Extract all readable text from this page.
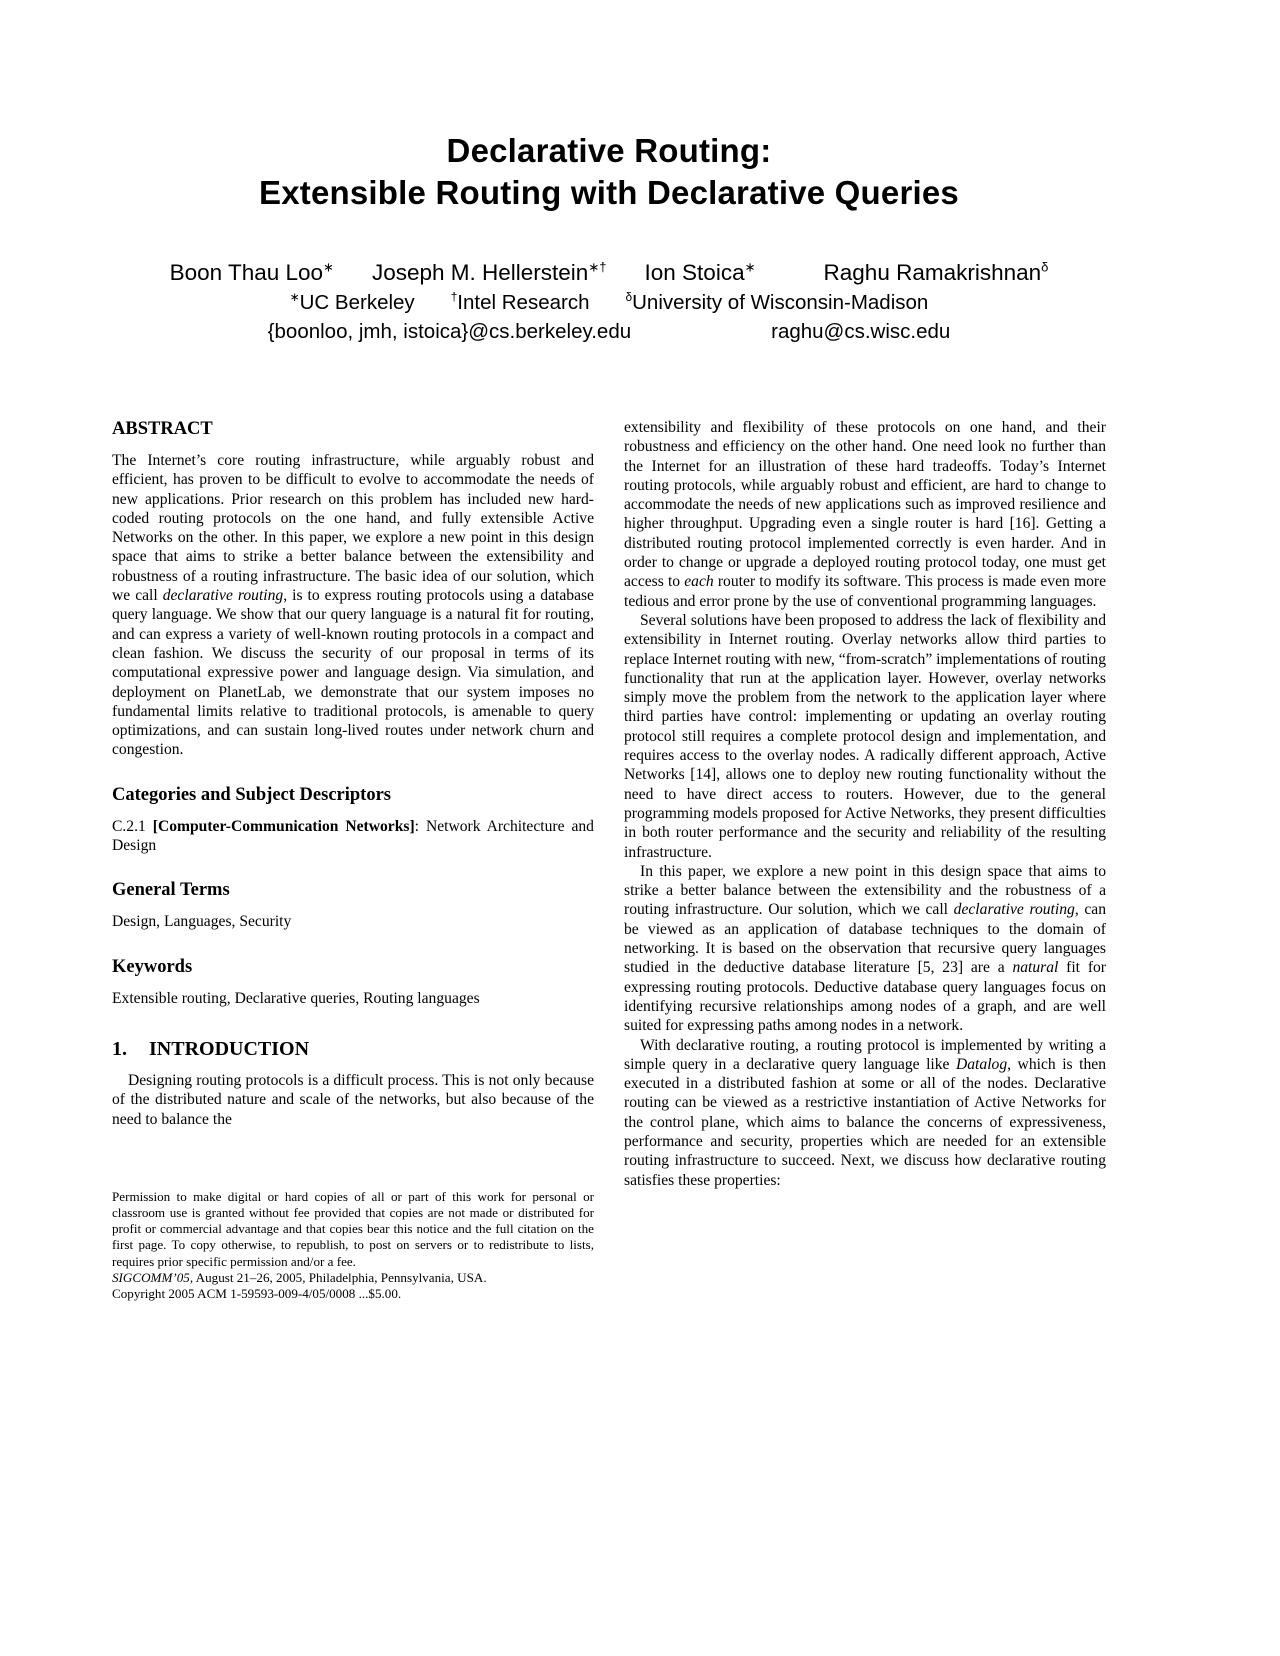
Declarative Routing:
Extensible Routing with Declarative Queries
Boon Thau Loo∗ Joseph M. Hellerstein∗† Ion Stoica∗	Raghu Ramakrishnan$^\delta$
∗UC Berkeley	†Intel Research	$^\delta$University of Wisconsin-Madison
{boonloo, jmh, istoica}@cs.berkeley.edu	raghu@cs.wisc.edu
ABSTRACT

The Internet’s core routing infrastructure, while arguably robust and efficient, has proven to be difficult to evolve to accommodate the needs of new applications. Prior research on this problem has included new hard-coded routing protocols on the one hand, and fully extensible Active Networks on the other. In this paper, we explore a new point in this design space that aims to strike a better balance between the extensibility and robustness of a routing infrastructure. The basic idea of our solution, which we call declarative routing, is to express routing protocols using a database query language. We show that our query language is a natural fit for routing, and can express a variety of well-known routing protocols in a compact and clean fashion. We discuss the security of our proposal in terms of its computational expressive power and language design. Via simulation, and deployment on PlanetLab, we demonstrate that our system imposes no fundamental limits relative to traditional protocols, is amenable to query optimizations, and can sustain long-lived routes under network churn and congestion.

Categories and Subject Descriptors

C.2.1 [Computer-Communication Networks]: Network Architecture and Design

General Terms

Design, Languages, Security

Keywords

Extensible routing, Declarative queries, Routing languages

1. INTRODUCTION

Designing routing protocols is a difficult process. This is not only because of the distributed nature and scale of the networks, but also because of the need to balance the

Permission to make digital or hard copies of all or part of this work for personal or classroom use is granted without fee provided that copies are not made or distributed for profit or commercial advantage and that copies bear this notice and the full citation on the first page. To copy otherwise, to republish, to post on servers or to redistribute to lists, requires prior specific permission and/or a fee.

SIGCOMM’05, August 21–26, 2005, Philadelphia, Pennsylvania, USA.

Copyright 2005 ACM 1-59593-009-4/05/0008 ...$5.00.

extensibility and flexibility of these protocols on one hand, and their robustness and efficiency on the other hand. One need look no further than the Internet for an illustration of these hard tradeoffs. Today’s Internet routing protocols, while arguably robust and efficient, are hard to change to accommodate the needs of new applications such as improved resilience and higher throughput. Upgrading even a single router is hard [16]. Getting a distributed routing protocol implemented correctly is even harder. And in order to change or upgrade a deployed routing protocol today, one must get access to each router to modify its software. This process is made even more tedious and error prone by the use of conventional programming languages.

Several solutions have been proposed to address the lack of flexibility and extensibility in Internet routing. Overlay networks allow third parties to replace Internet routing with new, “from-scratch” implementations of routing functionality that run at the application layer. However, overlay networks simply move the problem from the network to the application layer where third parties have control: implementing or updating an overlay routing protocol still requires a complete protocol design and implementation, and requires access to the overlay nodes. A radically different approach, Active Networks [14], allows one to deploy new routing functionality without the need to have direct access to routers. However, due to the general programming models proposed for Active Networks, they present difficulties in both router performance and the security and reliability of the resulting infrastructure.

In this paper, we explore a new point in this design space that aims to strike a better balance between the extensibility and the robustness of a routing infrastructure. Our solution, which we call declarative routing, can be viewed as an application of database techniques to the domain of networking. It is based on the observation that recursive query languages studied in the deductive database literature [5, 23] are a natural fit for expressing routing protocols. Deductive database query languages focus on identifying recursive relationships among nodes of a graph, and are well suited for expressing paths among nodes in a network.

With declarative routing, a routing protocol is implemented by writing a simple query in a declarative query language like Datalog, which is then executed in a distributed fashion at some or all of the nodes. Declarative routing can be viewed as a restrictive instantiation of Active Networks for the control plane, which aims to balance the concerns of expressiveness, performance and security, properties which are needed for an extensible routing infrastructure to succeed. Next, we discuss how declarative routing satisfies these properties:
